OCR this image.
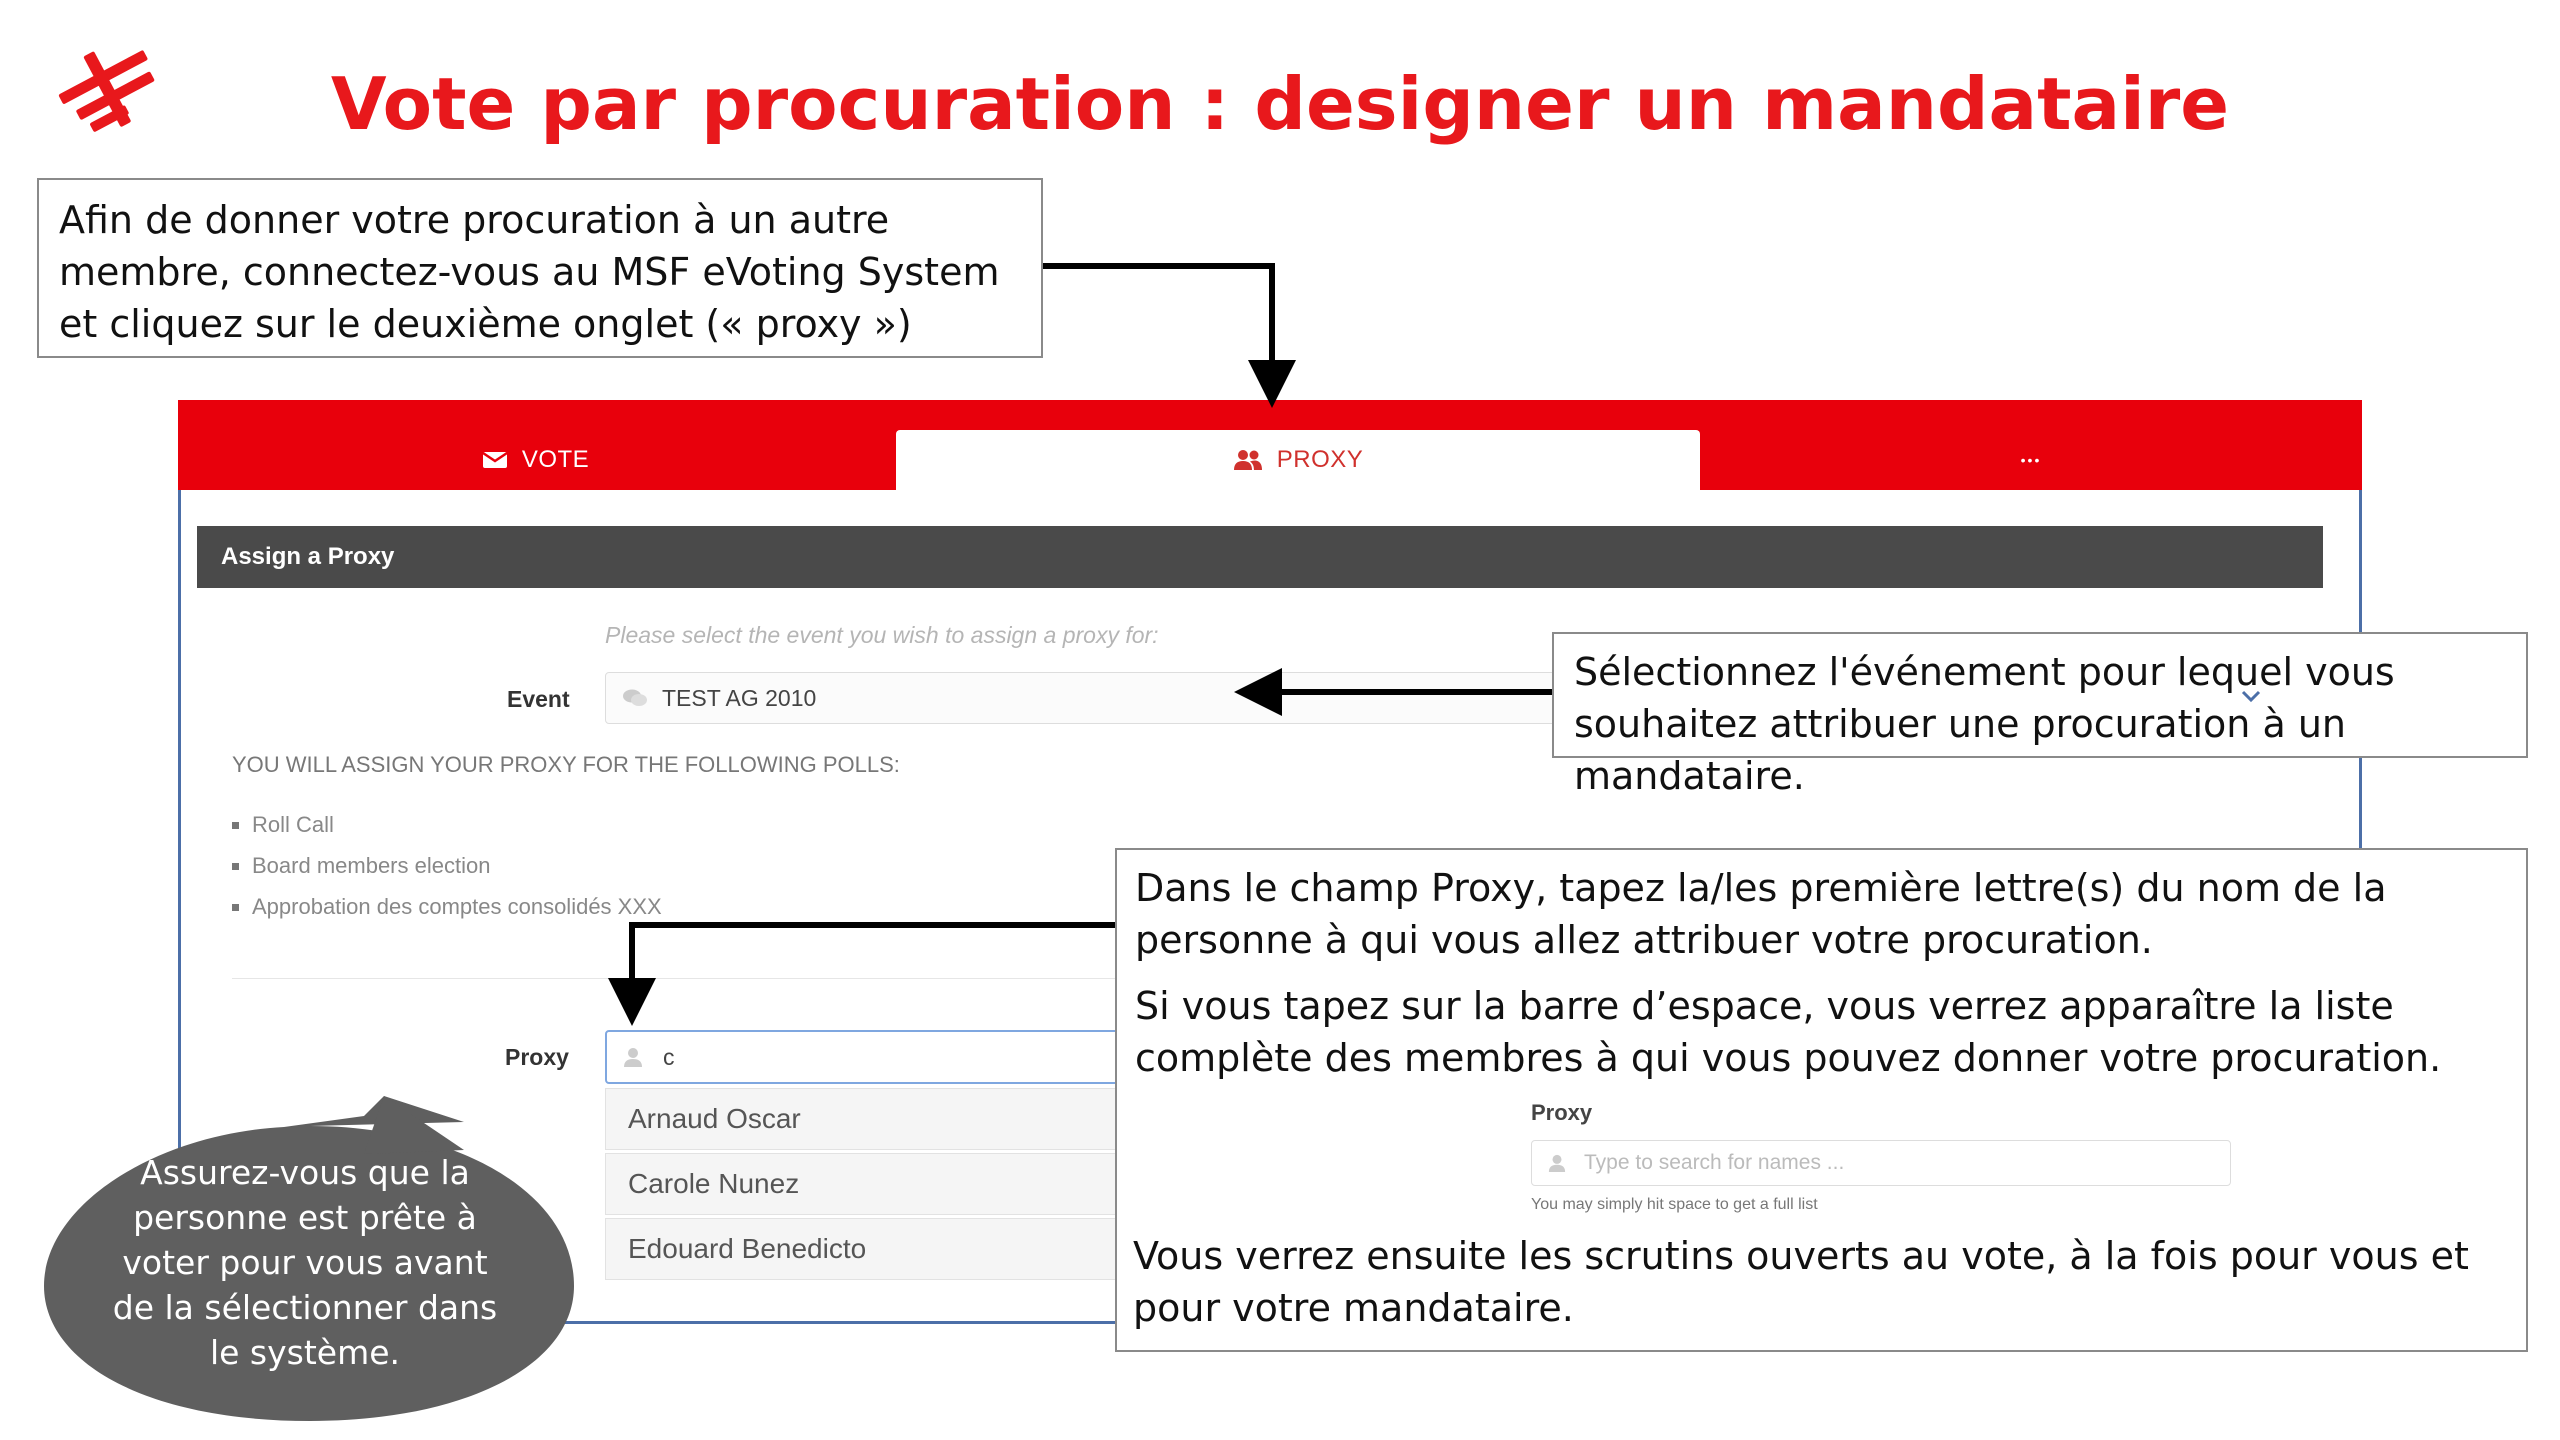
Vote par procuration : designer un mandataire
VOTE	PROXY	•••
Assign a Proxy
Please select the event you wish to assign a proxy for:
Event	TEST AG 2010
YOU WILL ASSIGN YOUR PROXY FOR THE FOLLOWING POLLS:
Roll Call
Board members election
Approbation des comptes consolidés XXX
Proxy	c
Arnaud Oscar
Carole Nunez
Edouard Benedicto

Afin de donner votre procuration à un autre membre, connectez-vous au MSF eVoting System et cliquez sur le deuxième onglet (« proxy »)

Sélectionnez l'événement pour lequel vous souhaitez attribuer une procuration à un mandataire.

Dans le champ Proxy, tapez la/les première lettre(s) du nom de la personne à qui vous allez attribuer votre procuration.

Si vous tapez sur la barre d’espace, vous verrez apparaître la liste complète des membres à qui vous pouvez donner votre procuration.

Proxy
Type to search for names ...
You may simply hit space to get a full list
Vous verrez ensuite les scrutins ouverts au vote, à la fois pour vous et pour votre mandataire.
Assurez-vous que la personne est prête à voter pour vous avant de la sélectionner dans le système.
